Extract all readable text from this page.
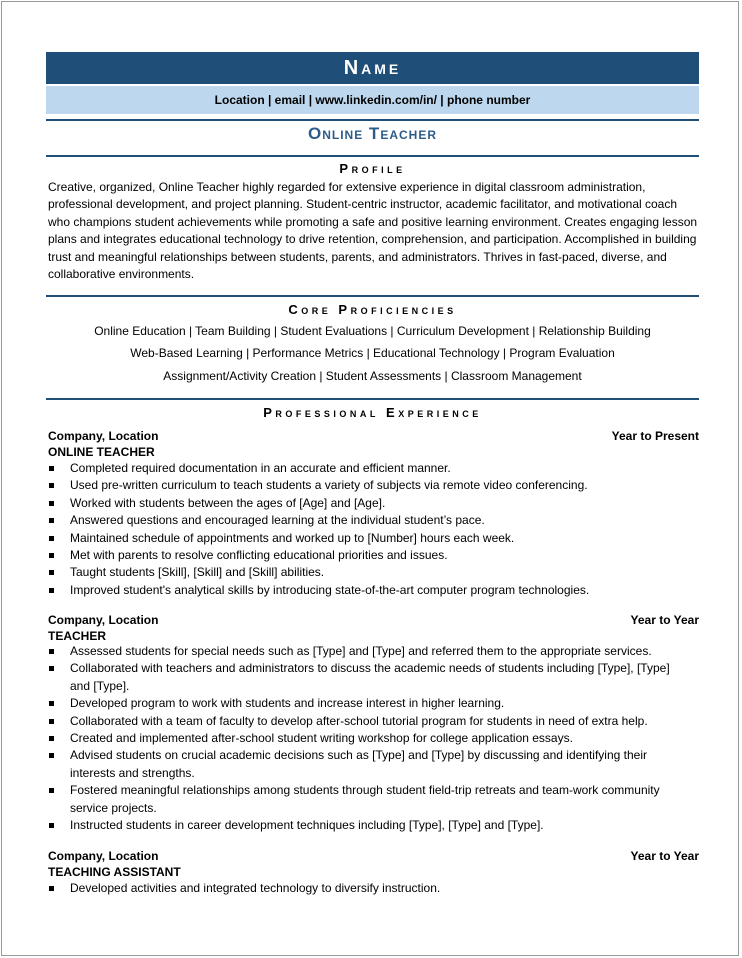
Name
Location | email | www.linkedin.com/in/ | phone number
Online Teacher
Profile
Creative, organized, Online Teacher highly regarded for extensive experience in digital classroom administration, professional development, and project planning. Student-centric instructor, academic facilitator, and motivational coach who champions student achievements while promoting a safe and positive learning environment. Creates engaging lesson plans and integrates educational technology to drive retention, comprehension, and participation. Accomplished in building trust and meaningful relationships between students, parents, and administrators. Thrives in fast-paced, diverse, and collaborative environments.
Core Proficiencies
Online Education | Team Building | Student Evaluations | Curriculum Development | Relationship Building
Web-Based Learning | Performance Metrics | Educational Technology | Program Evaluation
Assignment/Activity Creation | Student Assessments | Classroom Management
Professional Experience
Company, Location	Year to Present
ONLINE TEACHER
Completed required documentation in an accurate and efficient manner.
Used pre-written curriculum to teach students a variety of subjects via remote video conferencing.
Worked with students between the ages of [Age] and [Age].
Answered questions and encouraged learning at the individual student’s pace.
Maintained schedule of appointments and worked up to [Number] hours each week.
Met with parents to resolve conflicting educational priorities and issues.
Taught students [Skill], [Skill] and [Skill] abilities.
Improved student's analytical skills by introducing state-of-the-art computer program technologies.
Company, Location	Year to Year
TEACHER
Assessed students for special needs such as [Type] and [Type] and referred them to the appropriate services.
Collaborated with teachers and administrators to discuss the academic needs of students including [Type], [Type] and [Type].
Developed program to work with students and increase interest in higher learning.
Collaborated with a team of faculty to develop after-school tutorial program for students in need of extra help.
Created and implemented after-school student writing workshop for college application essays.
Advised students on crucial academic decisions such as [Type] and [Type] by discussing and identifying their interests and strengths.
Fostered meaningful relationships among students through student field-trip retreats and team-work community service projects.
Instructed students in career development techniques including [Type], [Type] and [Type].
Company, Location	Year to Year
TEACHING ASSISTANT
Developed activities and integrated technology to diversify instruction.
